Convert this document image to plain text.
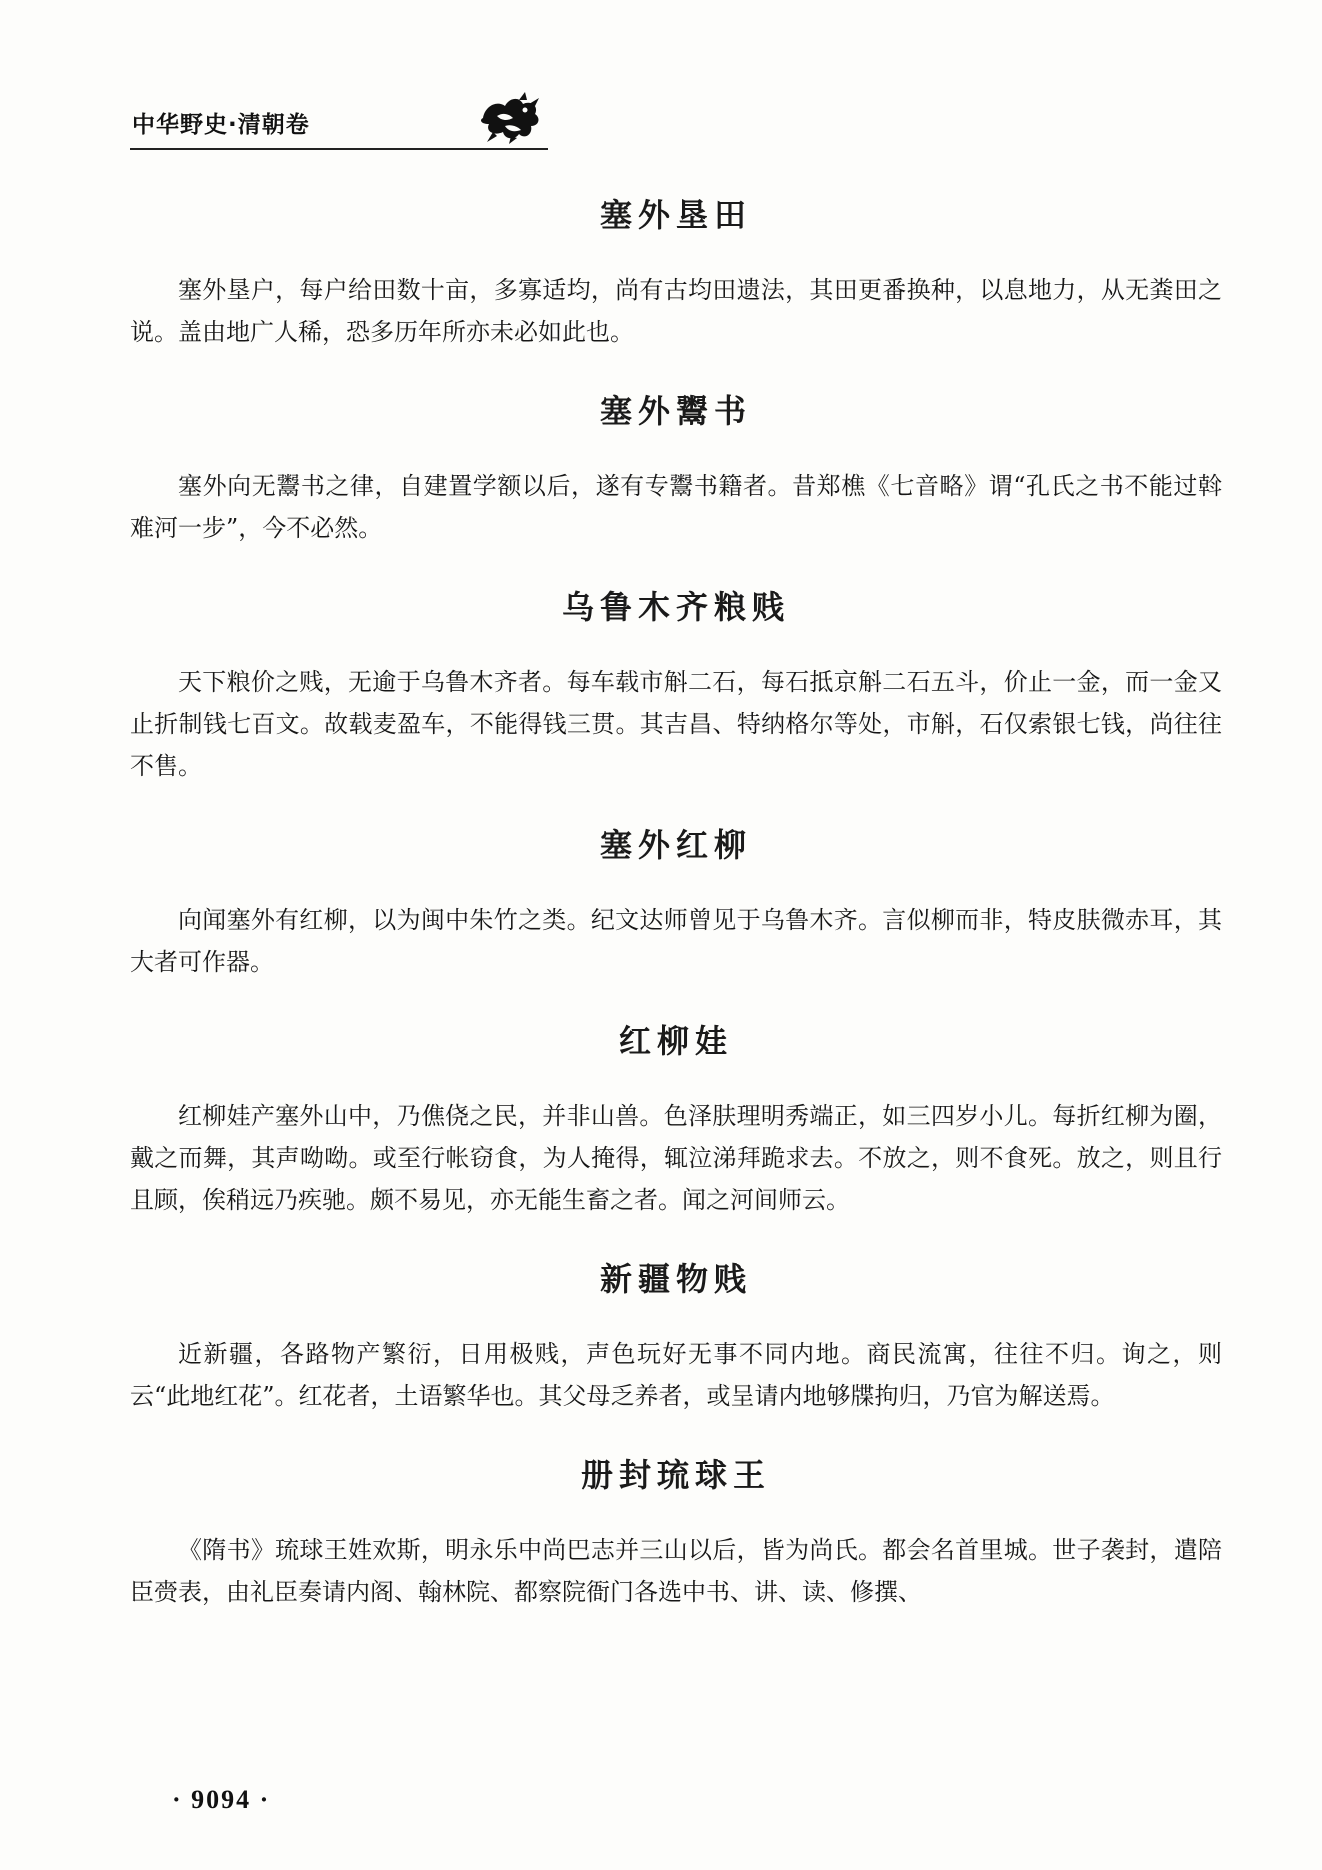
中华野史·清朝卷
塞外垦田

塞外垦户，每户给田数十亩，多寡适均，尚有古均田遗法，其田更番换种，以息地力，从无粪田之说。盖由地广人稀，恐多历年所亦未必如此也。

塞外鬻书

塞外向无鬻书之律，自建置学额以后，遂有专鬻书籍者。昔郑樵《七音略》谓“孔氏之书不能过斡难河一步”，今不必然。

乌鲁木齐粮贱

天下粮价之贱，无逾于乌鲁木齐者。每车载市斛二石，每石抵京斛二石五斗，价止一金，而一金又止折制钱七百文。故载麦盈车，不能得钱三贯。其吉昌、特纳格尔等处，市斛，石仅索银七钱，尚往往不售。

塞外红柳

向闻塞外有红柳，以为闽中朱竹之类。纪文达师曾见于乌鲁木齐。言似柳而非，特皮肤微赤耳，其大者可作器。

红柳娃

红柳娃产塞外山中，乃僬侥之民，并非山兽。色泽肤理明秀端正，如三四岁小儿。每折红柳为圈，戴之而舞，其声呦呦。或至行帐窃食，为人掩得，辄泣涕拜跪求去。不放之，则不食死。放之，则且行且顾，俟稍远乃疾驰。颇不易见，亦无能生畜之者。闻之河间师云。

新疆物贱

近新疆，各路物产繁衍，日用极贱，声色玩好无事不同内地。商民流寓，往往不归。询之，则云“此地红花”。红花者，土语繁华也。其父母乏养者，或呈请内地够牒拘归，乃官为解送焉。

册封琉球王

《隋书》琉球王姓欢斯，明永乐中尚巴志并三山以后，皆为尚氏。都会名首里城。世子袭封，遣陪臣赍表，由礼臣奏请内阁、翰林院、都察院衙门各选中书、讲、读、修撰、

· 9094 ·
